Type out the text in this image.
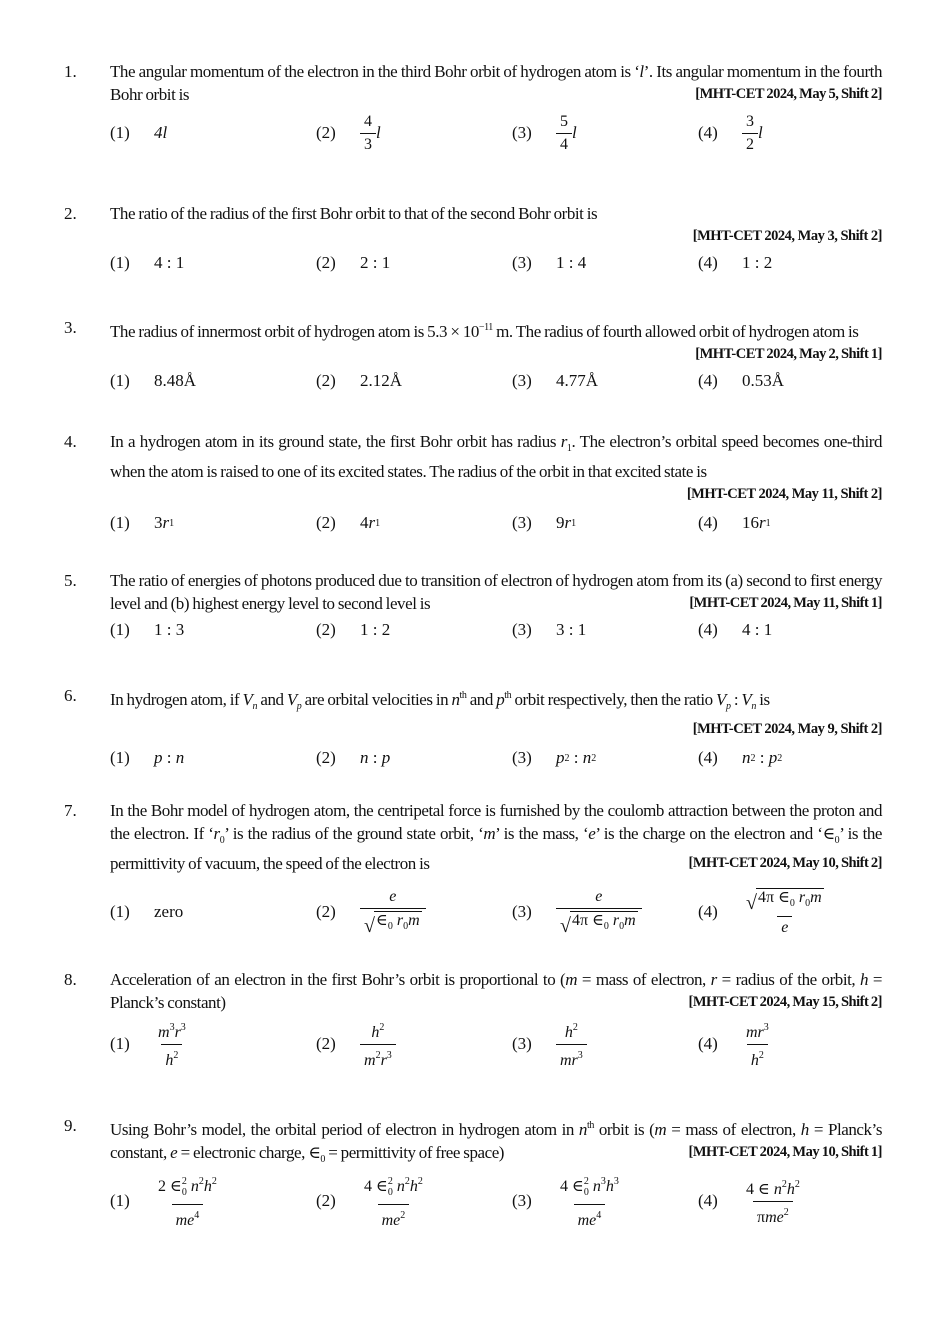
1. The angular momentum of the electron in the third Bohr orbit of hydrogen atom is ‘l’. Its angular momentum in the fourth Bohr orbit is	[MHT-CET 2024, May 5, Shift 2]
(1)	4l	(2)	$\frac{4}{3}$ l	(3)	$\frac{5}{4}$ l	(4)	$\frac{3}{2}$ l
2. The ratio of the radius of the first Bohr orbit to that of the second Bohr orbit is
[MHT-CET 2024, May 3, Shift 2]
(1)	4 : 1	(2)	2 : 1	(3)	1 : 4	(4)	1 : 2
3. The radius of innermost orbit of hydrogen atom is $5.3 \times 10^{-11}$ m. The radius of fourth allowed orbit of hydrogen atom is
[MHT-CET 2024, May 2, Shift 1]
(1)	8.48Å	(2)	2.12Å	(3)	4.77Å	(4)	0.53Å
4. In a hydrogen atom in its ground state, the first Bohr orbit has radius $r_1$. The electron’s orbital speed becomes one-third when the atom is raised to one of its excited states. The radius of the orbit in that excited state is
[MHT-CET 2024, May 11, Shift 2]
(1)	3 r 1	(2)	4 r 1	(3)	9 r 1	(4)	16 r 1
5. The ratio of energies of photons produced due to transition of electron of hydrogen atom from its (a) second to first energy level and (b) highest energy level to second level is	[MHT-CET 2024, May 11, Shift 1]
(1)	1 : 3	(2)	1 : 2	(3)	3 : 1	(4)	4 : 1
6. In hydrogen atom, if $V_n$ and $V_p$ are orbital velocities in $n^{th}$ and $p^{th}$ orbit respectively, then the ratio $V_p$ : $V_n$ is
[MHT-CET 2024, May 9, Shift 2]
(1)	p : n	(2)	n : p	(3)	p 2 : n 2	(4)	n 2 : p 2
7. In the Bohr model of hydrogen atom, the centripetal force is furnished by the coulomb attraction between the proton and the electron. If ‘$r_0$’ is the radius of the ground state orbit, ‘m’ is the mass, ‘e’ is the charge on the electron and ‘$\in_0$’ is the permittivity of vacuum, the speed of the electron is	[MHT-CET 2024, May 10, Shift 2]
(1)	zero	(2)	$\frac{e}{√ \in_0 r_0m}$	(3)	$\frac{e}{√ 4\pi \in_0 r_0m}$	(4)	$\frac{√ 4\pi \in_0 r_0m}{e}$
8. Acceleration of an electron in the first Bohr’s orbit is proportional to (m = mass of electron, r = radius of the orbit, h = Planck’s constant)	[MHT-CET 2024, May 15, Shift 2]
(1)	$\frac{m^3r^3}{h^2}$	(2)	$\frac{h^2}{m^2r^3}$	(3)	$\frac{h^2}{mr^3}$	(4)	$\frac{mr^3}{h^2}$
9. Using Bohr’s model, the orbital period of electron in hydrogen atom in $n^{th}$ orbit is (m = mass of electron, h = Planck’s constant, e = electronic charge, $\in_0$ = permittivity of free space)	[MHT-CET 2024, May 10, Shift 1]
(1)	$\frac{2 \in^2_0 n^2h^2}{me^4}$	(2)	$\frac{4 \in^2_0 n^2h^2}{me^2}$	(3)	$\frac{4 \in^2_0 n^3h^3}{me^4}$	(4)	$\frac{4 \in n^2h^2}{\pi me^2}$
